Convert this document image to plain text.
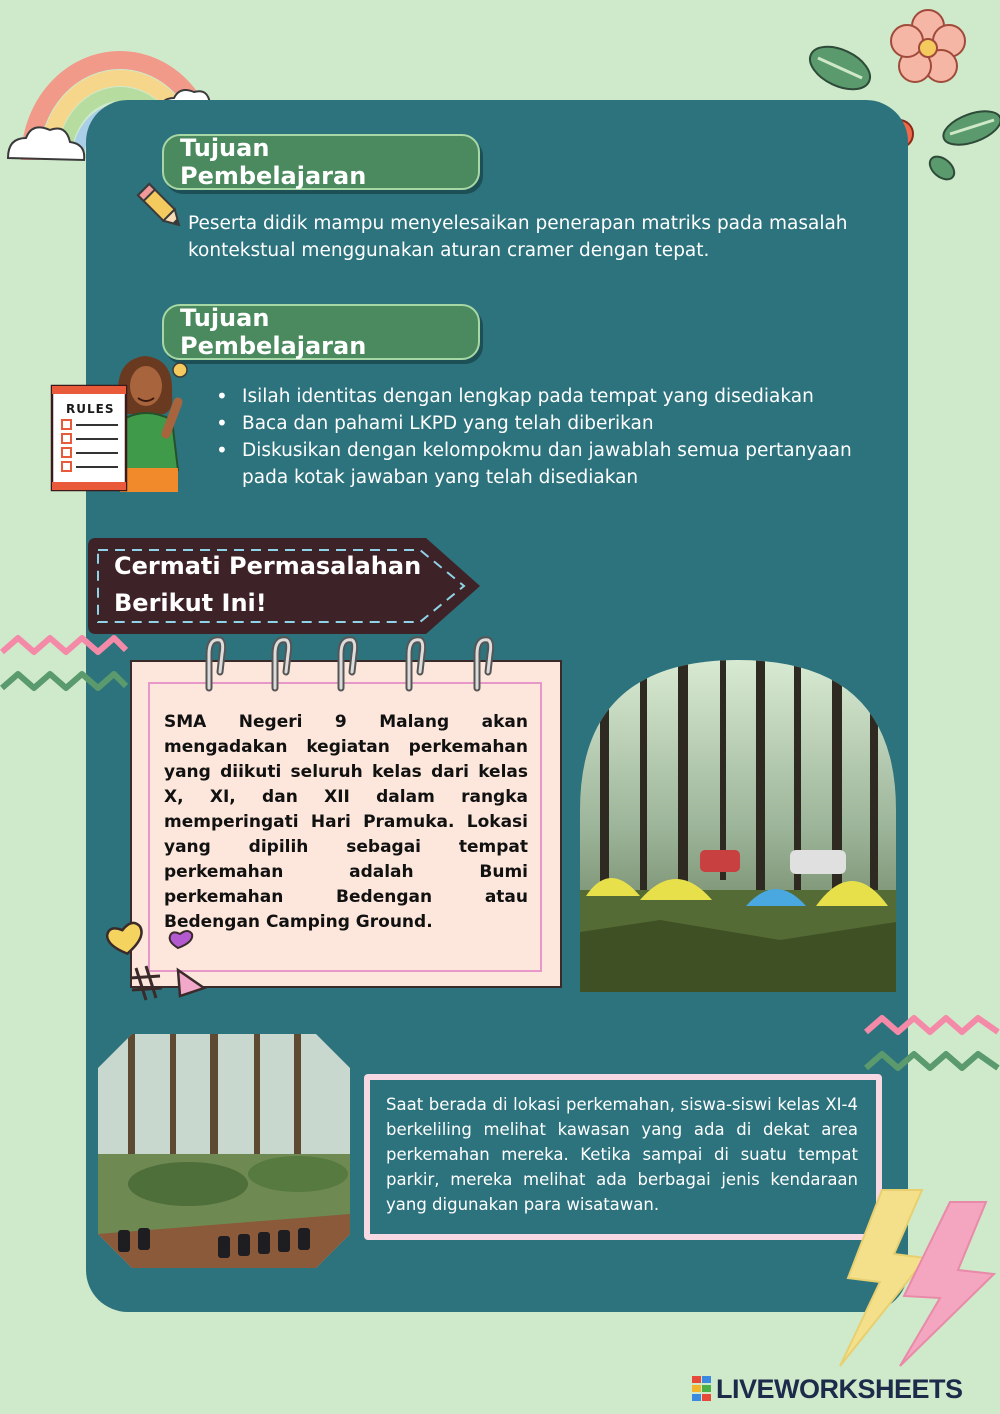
Tujuan Pembelajaran
Peserta didik mampu menyelesaikan penerapan matriks pada masalah kontekstual menggunakan aturan cramer dengan tepat.
Tujuan Pembelajaran
RULES
• Isilah identitas dengan lengkap pada tempat yang disediakan
• Baca dan pahami LKPD yang telah diberikan
• Diskusikan dengan kelompokmu dan jawablah semua pertanyaan pada kotak jawaban yang telah disediakan
Cermati Permasalahan
Berikut Ini!
SMA Negeri 9 Malang akan mengadakan kegiatan perkemahan yang diikuti seluruh kelas dari kelas X, XI, dan XII dalam rangka memperingati Hari Pramuka. Lokasi yang dipilih sebagai tempat perkemahan adalah Bumi perkemahan Bedengan atau Bedengan Camping Ground.
Saat berada di lokasi perkemahan, siswa-siswi kelas XI-4 berkeliling melihat kawasan yang ada di dekat area perkemahan mereka. Ketika sampai di suatu tempat parkir, mereka melihat ada berbagai jenis kendaraan yang digunakan para wisatawan.
LIVEWORKSHEETS
